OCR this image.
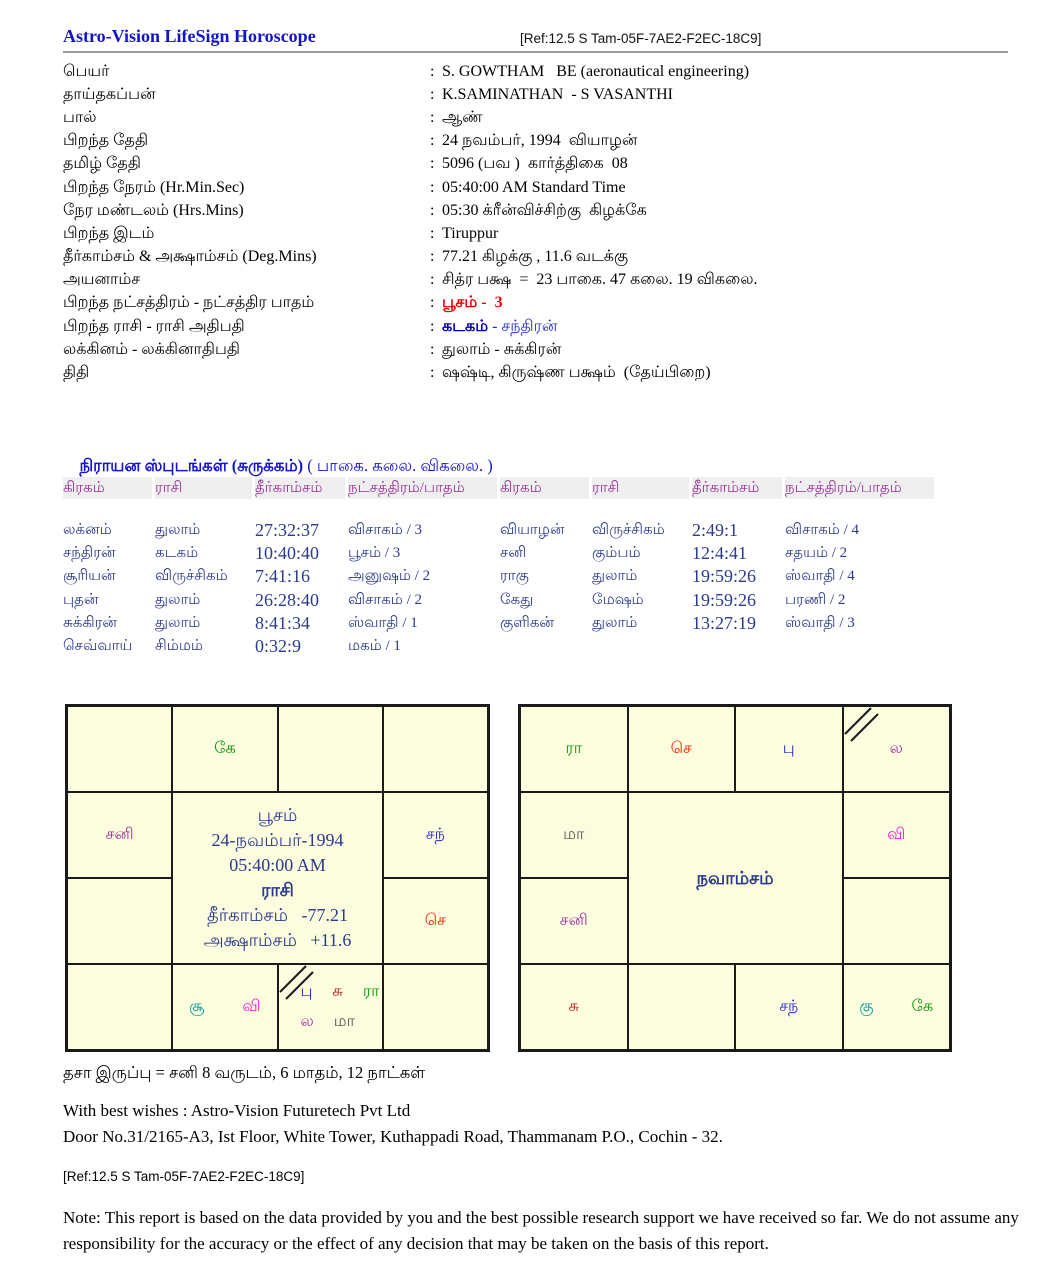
Astro-Vision LifeSign Horoscope	[Ref:12.5 S Tam-05F-7AE2-F2EC-18C9]
பெயர்	: S. GOWTHAM   BE (aeronautical engineering)
தாய்தகப்பன்	: K.SAMINATHAN  - S VASANTHI
பால்	: ஆண்
பிறந்த தேதி	: 24 நவம்பர், 1994  வியாழன்
தமிழ் தேதி	: 5096 (பவ )  கார்த்திகை  08
பிறந்த நேரம் (Hr.Min.Sec)	: 05:40:00 AM Standard Time
நேர மண்டலம் (Hrs.Mins)	: 05:30 க்ரீன்விச்சிற்கு  கிழக்கே
பிறந்த இடம்	: Tiruppur
தீர்காம்சம் & அக்ஷாம்சம் (Deg.Mins)	: 77.21 கிழக்கு , 11.6 வடக்கு
அயனாம்ச	: சித்ர பக்ஷ  =  23 பாகை. 47 கலை. 19 விகலை.
பிறந்த நட்சத்திரம் - நட்சத்திர பாதம்	: பூசம் -  3
பிறந்த ராசி - ராசி அதிபதி	: கடகம் - சந்திரன்
லக்கினம் - லக்கினாதிபதி	: துலாம் - சுக்கிரன்
திதி	: ஷஷ்டி, கிருஷ்ண பக்ஷம்  (தேய்பிறை)

நிராயன ஸ்புடங்கள் (சுருக்கம்) ( பாகை. கலை. விகலை. )

கிரகம்	ராசி	தீர்காம்சம்	நட்சத்திரம்/பாதம்
லக்னம்	துலாம்	27:32:37	விசாகம் / 3
சந்திரன்	கடகம்	10:40:40	பூசம் / 3
சூரியன்	விருச்சிகம்	7:41:16	அனுஷம் / 2
புதன்	துலாம்	26:28:40	விசாகம் / 2
சுக்கிரன்	துலாம்	8:41:34	ஸ்வாதி / 1
செவ்வாய்	சிம்மம்	0:32:9	மகம் / 1
கிரகம்	ராசி	தீர்காம்சம்	நட்சத்திரம்/பாதம்
வியாழன்	விருச்சிகம்	2:49:1	விசாகம் / 4
சனி	கும்பம்	12:4:41	சதயம் / 2
ராகு	துலாம்	19:59:26	ஸ்வாதி / 4
கேது	மேஷம்	19:59:26	பரணி / 2
குளிகன்	துலாம்	13:27:19	ஸ்வாதி / 3
கே
சனி
பூசம்
24-நவம்பர்-1994
05:40:00 AM
ராசி
தீர்காம்சம்   -77.21
அக்ஷாம்சம்   +11.6
சந்
செ
சூ வி
பு சு ரா
ல மா
ரா	செ	பு	ல
மா
நவாம்சம்
வி
சனி
சு	சந்	கு கே
தசா இருப்பு = சனி 8 வருடம், 6 மாதம், 12 நாட்கள்
With best wishes : Astro-Vision Futuretech Pvt Ltd
Door No.31/2165-A3, Ist Floor, White Tower, Kuthappadi Road, Thammanam P.O., Cochin - 32.
[Ref:12.5 S Tam-05F-7AE2-F2EC-18C9]
Note: This report is based on the data provided by you and the best possible research support we have received so far. We do not assume any responsibility for the accuracy or the effect of any decision that may be taken on the basis of this report.
